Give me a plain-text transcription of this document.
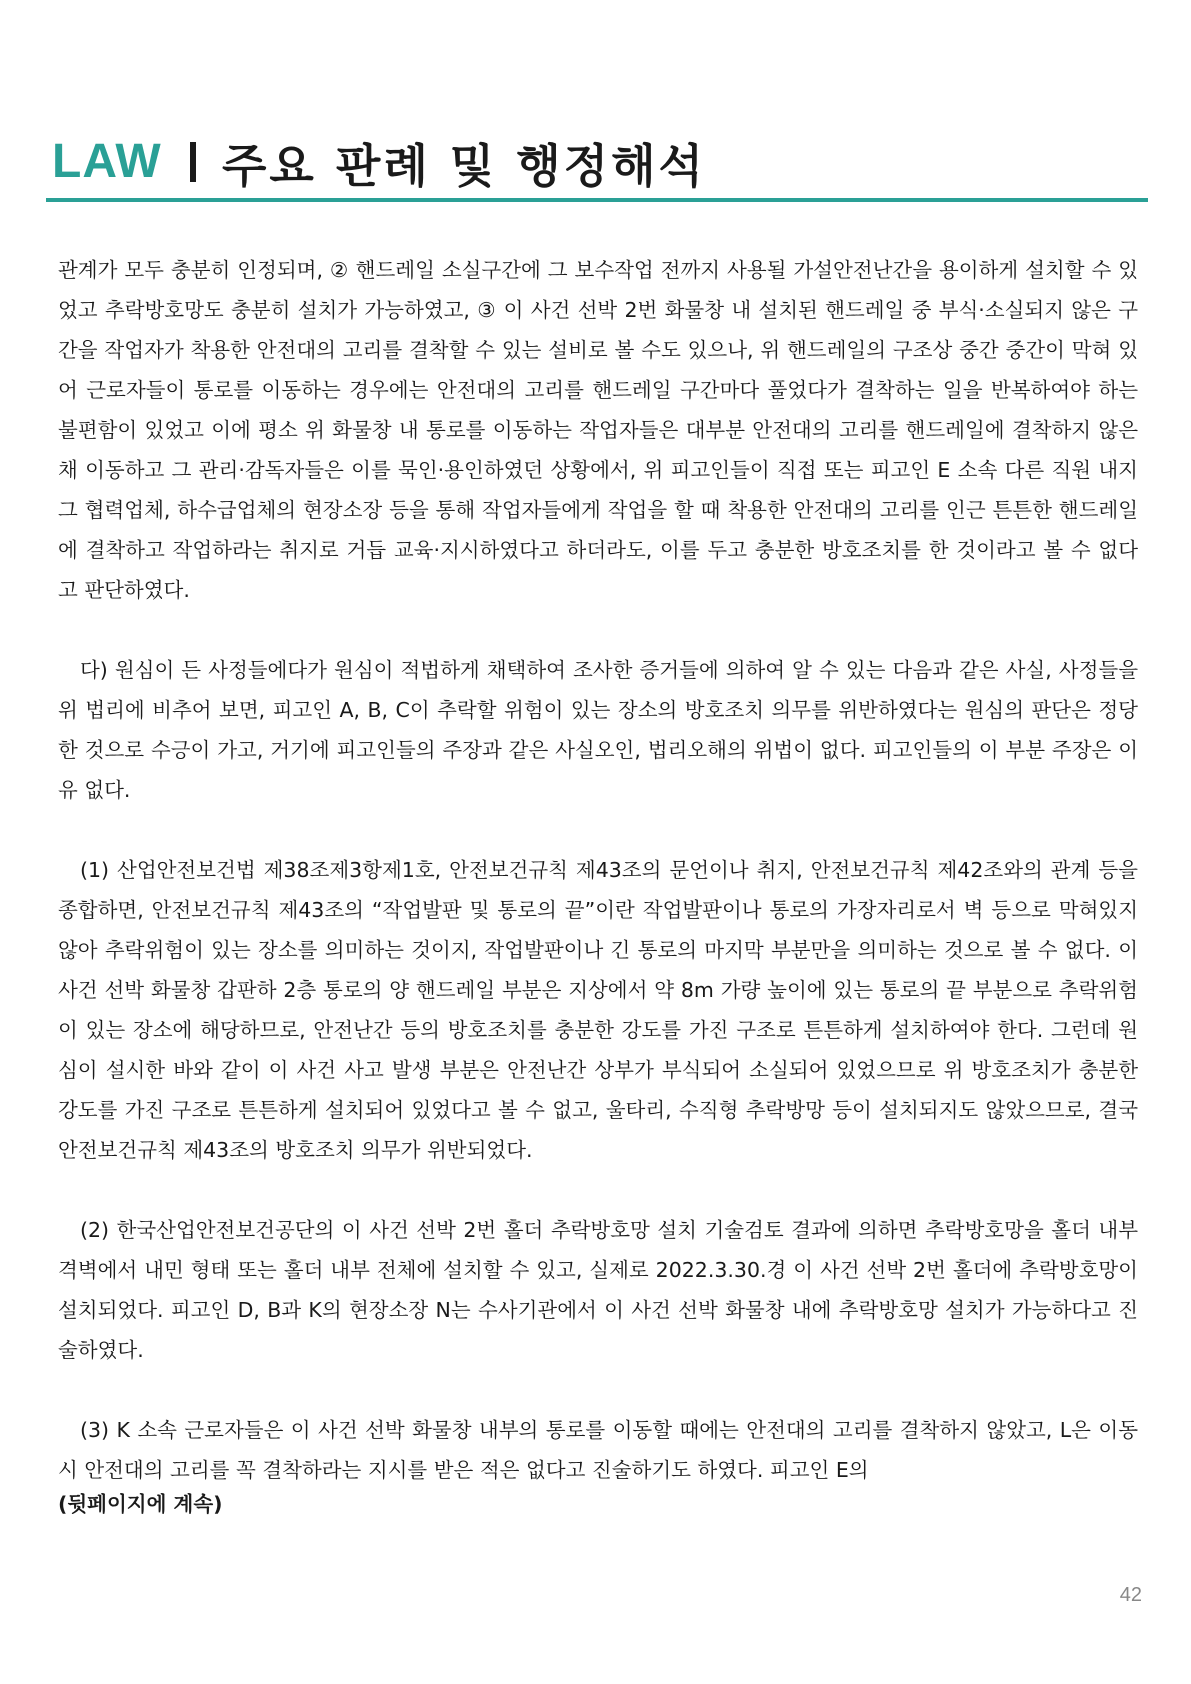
LAW 주요 판례 및 행정해석

관계가 모두 충분히 인정되며, ② 핸드레일 소실구간에 그 보수작업 전까지 사용될 가설안전난간을 용이하게 설치할 수 있었고 추락방호망도 충분히 설치가 가능하였고, ③ 이 사건 선박 2번 화물창 내 설치된 핸드레일 중 부식·소실되지 않은 구간을 작업자가 착용한 안전대의 고리를 결착할 수 있는 설비로 볼 수도 있으나, 위 핸드레일의 구조상 중간 중간이 막혀 있어 근로자들이 통로를 이동하는 경우에는 안전대의 고리를 핸드레일 구간마다 풀었다가 결착하는 일을 반복하여야 하는 불편함이 있었고 이에 평소 위 화물창 내 통로를 이동하는 작업자들은 대부분 안전대의 고리를 핸드레일에 결착하지 않은 채 이동하고 그 관리·감독자들은 이를 묵인·용인하였던 상황에서, 위 피고인들이 직접 또는 피고인 E 소속 다른 직원 내지 그 협력업체, 하수급업체의 현장소장 등을 통해 작업자들에게 작업을 할 때 착용한 안전대의 고리를 인근 튼튼한 핸드레일에 결착하고 작업하라는 취지로 거듭 교육·지시하였다고 하더라도, 이를 두고 충분한 방호조치를 한 것이라고 볼 수 없다고 판단하였다.

다) 원심이 든 사정들에다가 원심이 적법하게 채택하여 조사한 증거들에 의하여 알 수 있는 다음과 같은 사실, 사정들을 위 법리에 비추어 보면, 피고인 A, B, C이 추락할 위험이 있는 장소의 방호조치 의무를 위반하였다는 원심의 판단은 정당한 것으로 수긍이 가고, 거기에 피고인들의 주장과 같은 사실오인, 법리오해의 위법이 없다. 피고인들의 이 부분 주장은 이유 없다.

(1) 산업안전보건법 제38조제3항제1호, 안전보건규칙 제43조의 문언이나 취지, 안전보건규칙 제42조와의 관계 등을 종합하면, 안전보건규칙 제43조의 “작업발판 및 통로의 끝”이란 작업발판이나 통로의 가장자리로서 벽 등으로 막혀있지 않아 추락위험이 있는 장소를 의미하는 것이지, 작업발판이나 긴 통로의 마지막 부분만을 의미하는 것으로 볼 수 없다. 이 사건 선박 화물창 갑판하 2층 통로의 양 핸드레일 부분은 지상에서 약 8m 가량 높이에 있는 통로의 끝 부분으로 추락위험이 있는 장소에 해당하므로, 안전난간 등의 방호조치를 충분한 강도를 가진 구조로 튼튼하게 설치하여야 한다. 그런데 원심이 설시한 바와 같이 이 사건 사고 발생 부분은 안전난간 상부가 부식되어 소실되어 있었으므로 위 방호조치가 충분한 강도를 가진 구조로 튼튼하게 설치되어 있었다고 볼 수 없고, 울타리, 수직형 추락방망 등이 설치되지도 않았으므로, 결국 안전보건규칙 제43조의 방호조치 의무가 위반되었다.

(2) 한국산업안전보건공단의 이 사건 선박 2번 홀더 추락방호망 설치 기술검토 결과에 의하면 추락방호망을 홀더 내부 격벽에서 내민 형태 또는 홀더 내부 전체에 설치할 수 있고, 실제로 2022.3.30.경 이 사건 선박 2번 홀더에 추락방호망이 설치되었다. 피고인 D, B과 K의 현장소장 N는 수사기관에서 이 사건 선박 화물창 내에 추락방호망 설치가 가능하다고 진술하였다.

(3) K 소속 근로자들은 이 사건 선박 화물창 내부의 통로를 이동할 때에는 안전대의 고리를 결착하지 않았고, L은 이동 시 안전대의 고리를 꼭 결착하라는 지시를 받은 적은 없다고 진술하기도 하였다. 피고인 E의

(뒷페이지에 계속)

42
